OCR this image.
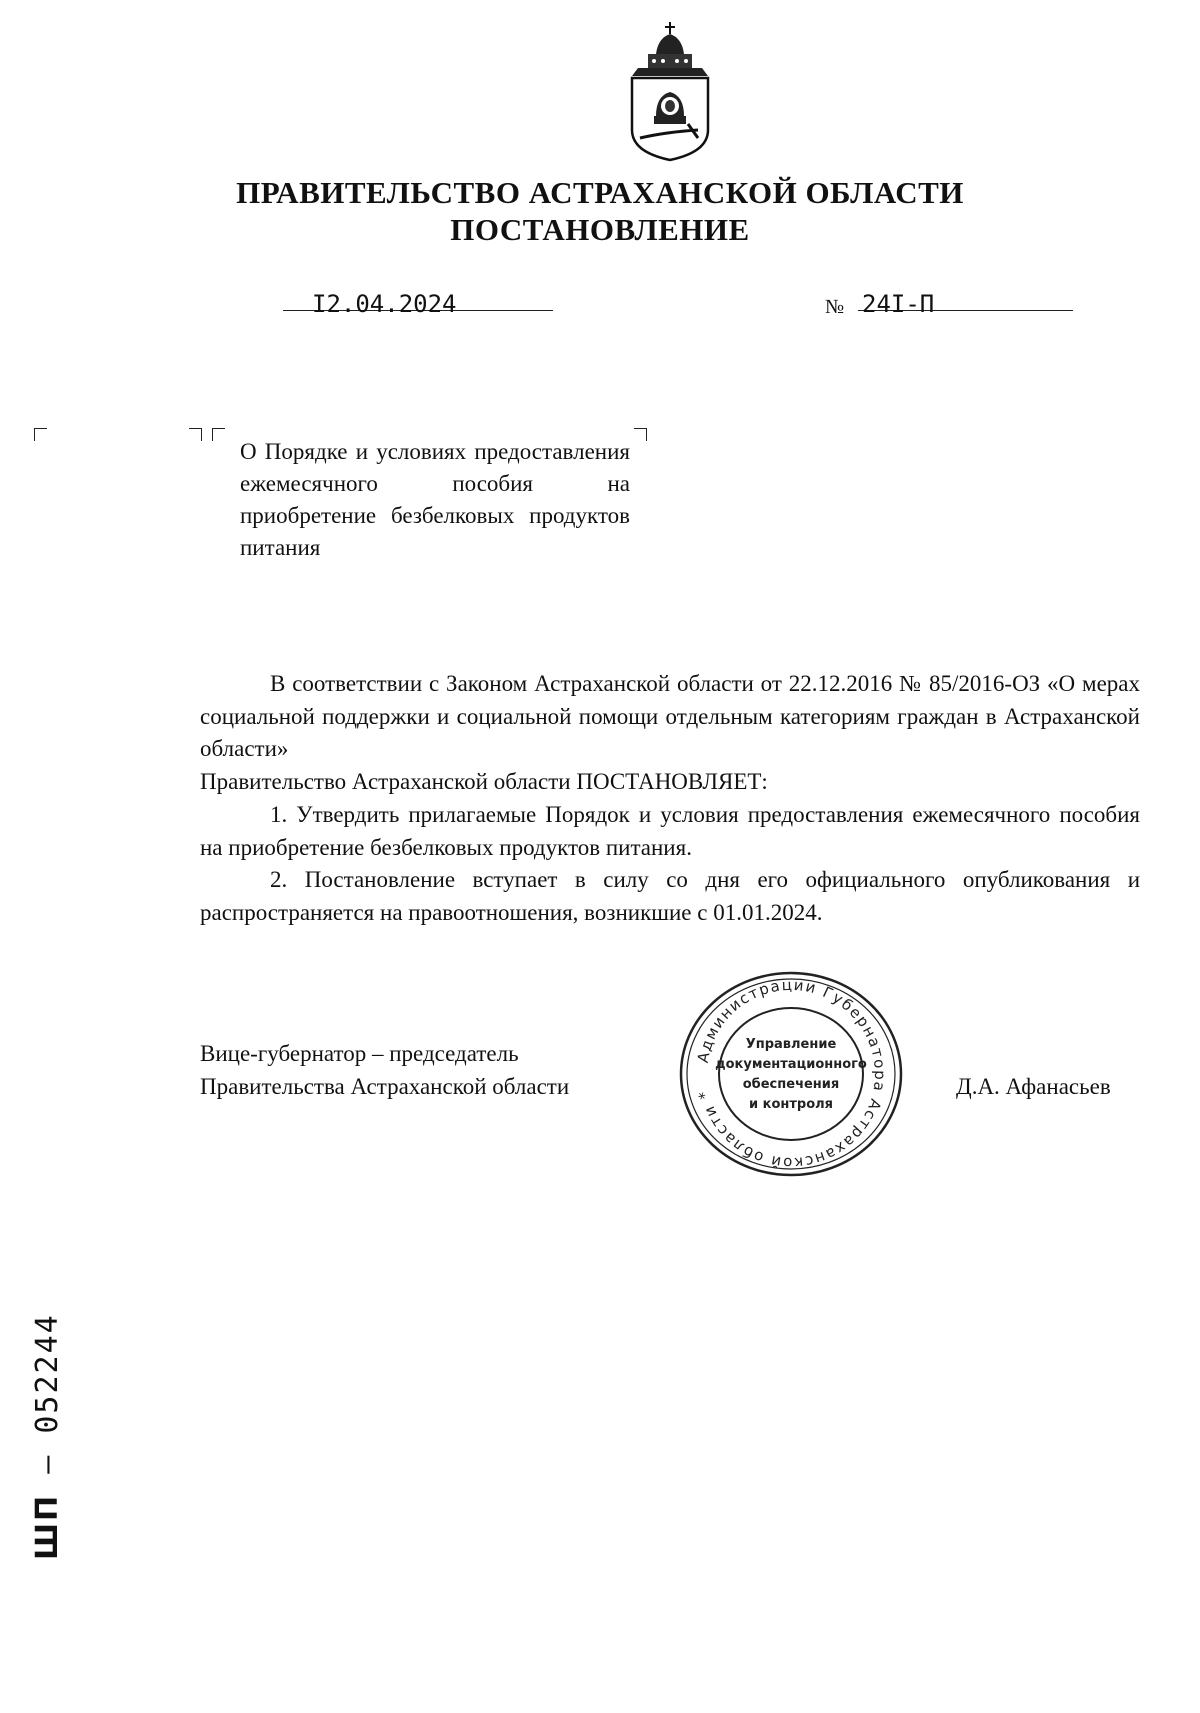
ПРАВИТЕЛЬСТВО АСТРАХАНСКОЙ ОБЛАСТИ
ПОСТАНОВЛЕНИЕ
I2.04.2024	№ 24I-П
О Порядке и условиях предоставления ежемесячного пособия на приобретение безбелковых продуктов питания
В соответствии с Законом Астраханской области от 22.12.2016 № 85/2016-ОЗ «О мерах социальной поддержки и социальной помощи отдельным категориям граждан в Астраханской области»
Правительство Астраханской области ПОСТАНОВЛЯЕТ:
1. Утвердить прилагаемые Порядок и условия предоставления ежемесячного пособия на приобретение безбелковых продуктов питания.
2. Постановление вступает в силу со дня его официального опубликования и распространяется на правоотношения, возникшие с 01.01.2024.
Вице-губернатор – председатель
Правительства Астраханской области	Д.А. Афанасьев
Администрации Губернатора Астраханской области *
Управление
документационного
обеспечения
и контроля
ШП – 052244
